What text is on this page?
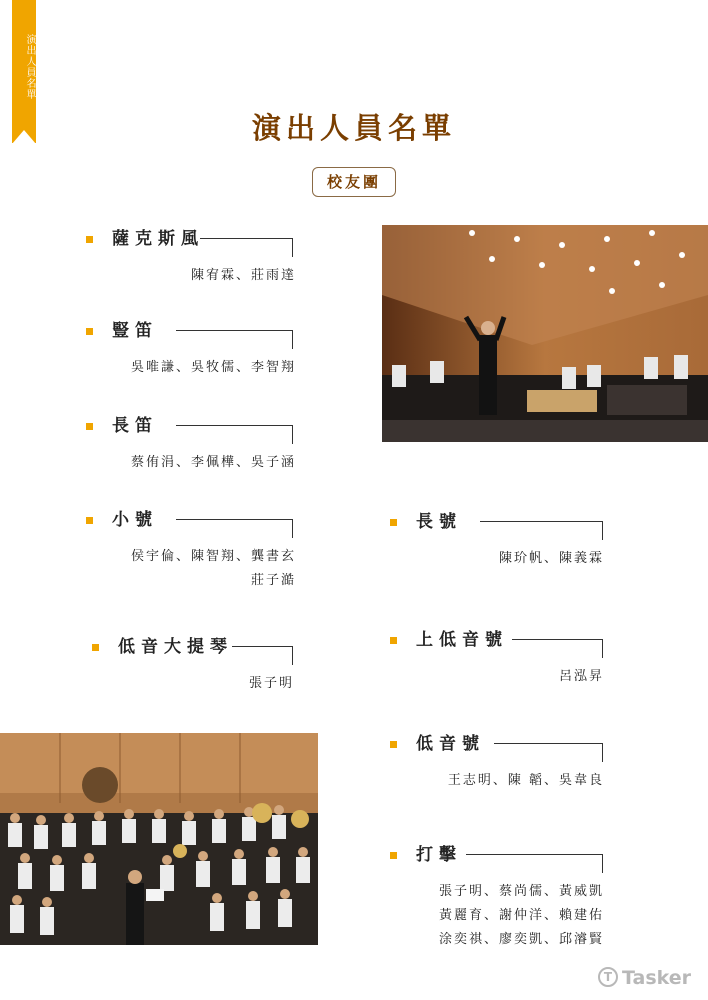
演出人員名單
演出人員名單
校友團
薩克斯風
陳宥霖、莊雨達
豎笛
吳唯謙、吳牧儒、李智翔
長笛
蔡侑涓、李佩樺、吳子涵
小號
侯宇倫、陳智翔、龔書玄
莊子澔
低音大提琴
張子明
長號
陳玠帆、陳義霖
上低音號
呂泓昇
低音號
王志明、陳 韜、吳韋良
打擊
張子明、蔡尚儒、黃威凱
黃麗育、謝仲洋、賴建佑
涂奕祺、廖奕凱、邱濬賢
T Tasker
